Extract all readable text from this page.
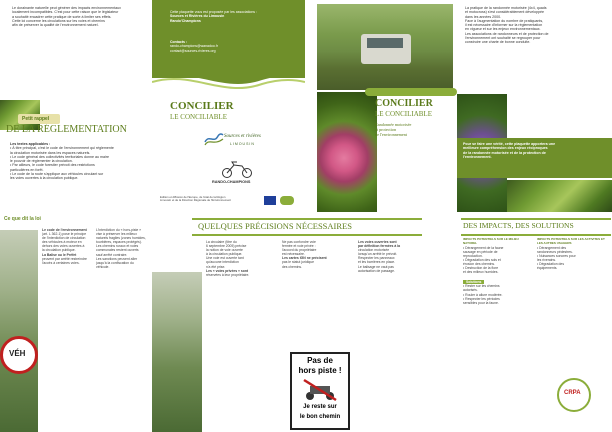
Le dorainante naturelle peut générer des impacts environnementaux
localement incompatibles. C'est pour cette raison que le législateur
a souhaité encadrer cette pratique de sorte à limiter ses effets.
Cette loi concerne les circulations sur les voies et chemins
afin de préserver la qualité de l'environnement naturel.
Petit rappel
DE LA RÉGLEMENTATION
Les textes applicables :
• À titre principal, c'est le code de l'environnement qui réglemente
la circulation motorisée dans les espaces naturels.
• Le code général des collectivités territoriales donne au maire
le pouvoir de réglementer la circulation.
• Par ailleurs, le code forestier prévoit des restrictions
particulières en forêt.
• Le code de la route s'applique aux véhicules circulant sur
les voies ouvertes à la circulation publique.
Cette plaquette vous est proposée par les associations :
Sources et Rivières du Limousin
Rando'Champions
Contacts :
rando-champions@wanadoo.fr
contact@sources-rivieres.org
CONCILIER
LE CONCILIABLE
Sources et rivières
LIMOUSIN
RANDO-CHAMPIONS
Édition et diffusion de l'Europe, de l'état de la Région
Limousin et de la Direction Régionale de l'Environnement
CONCILIER
LE CONCILIABLE
Randonnée motorisée
et protection
de l'environnement
La pratique de la randonnée motorisée (4x4, quads
et motocross) s'est considérablement développée
dans les années 2000.
Face à l'augmentation du nombre de pratiquants,
il est nécessaire d'informer sur la réglementation
en vigueur et sur les enjeux environnementaux.
Les associations de randonneurs et de protection de
l'environnement ont souhaité se regrouper pour
construire une charte de bonne conduite.
Pour se faire une vérité, cette plaquette apportera une
meilleure compréhension des enjeux réciproques
de la randonnée motorisée et de la protection de
l'environnement.
VÉH
Ce que dit la loi
Le code de l'environnement
(art. L 362-1) pose le principe
de l'interdiction de circulation
des véhicules à moteur en
dehors des voies ouvertes à
la circulation publique.
La Balise ou le Préfet
peuvent par arrêté restreindre
l'accès à certaines voies.
L'interdiction du « hors-piste »
vise à préserver les milieux
naturels fragiles (zones humides,
tourbières, espaces protégés).
Les chemins ruraux et voies
communales restent ouverts
sauf arrêté contraire.
Les sanctions peuvent aller
jusqu'à la confiscation du
véhicule.
QUELQUES PRÉCISIONS NÉCESSAIRES
La circulaire (titre du
6 septembre 2005) précise
la notion de voie ouverte
à la circulation publique.
Une voie est ouverte tant
qu'aucune interdiction
n'a été prise.
Les « voies privées » sont
réservées à leur propriétaire.
Ne pas confondre voie
fermée et voie privée :
l'accord du propriétaire
est nécessaire.
Les cartes IGN ne précisent
pas le statut juridique
des chemins.
Pas de
hors piste !
Je reste sur
le bon chemin
Les voies ouvertes sont
par définition fermées à la
circulation motorisée
lorsqu'un arrêté le prévoit.
Respecter les panneaux
et les barrières en place.
Le balisage ne vaut pas
autorisation de passage.
DES IMPACTS, DES SOLUTIONS
IMPACTS POTENTIELS SUR LE MILIEU NATUREL
• Dérangement de la faune
sauvage en période de
reproduction.
• Dégradation des sols et
érosion des chemins.
• Destruction de la flore
et des milieux humides.
Solutions
• Rester sur les chemins
autorisés.
• Rouler à allure modérée.
• Respecter les périodes
sensibles pour la faune.
IMPACTS POTENTIELS SUR LES ACTIVITÉS ET LES AUTRES USAGERS
• Dérangement des
randonneurs pédestres.
• Nuisances sonores pour
les riverains.
• Dégradation des
équipements.
CRPA
